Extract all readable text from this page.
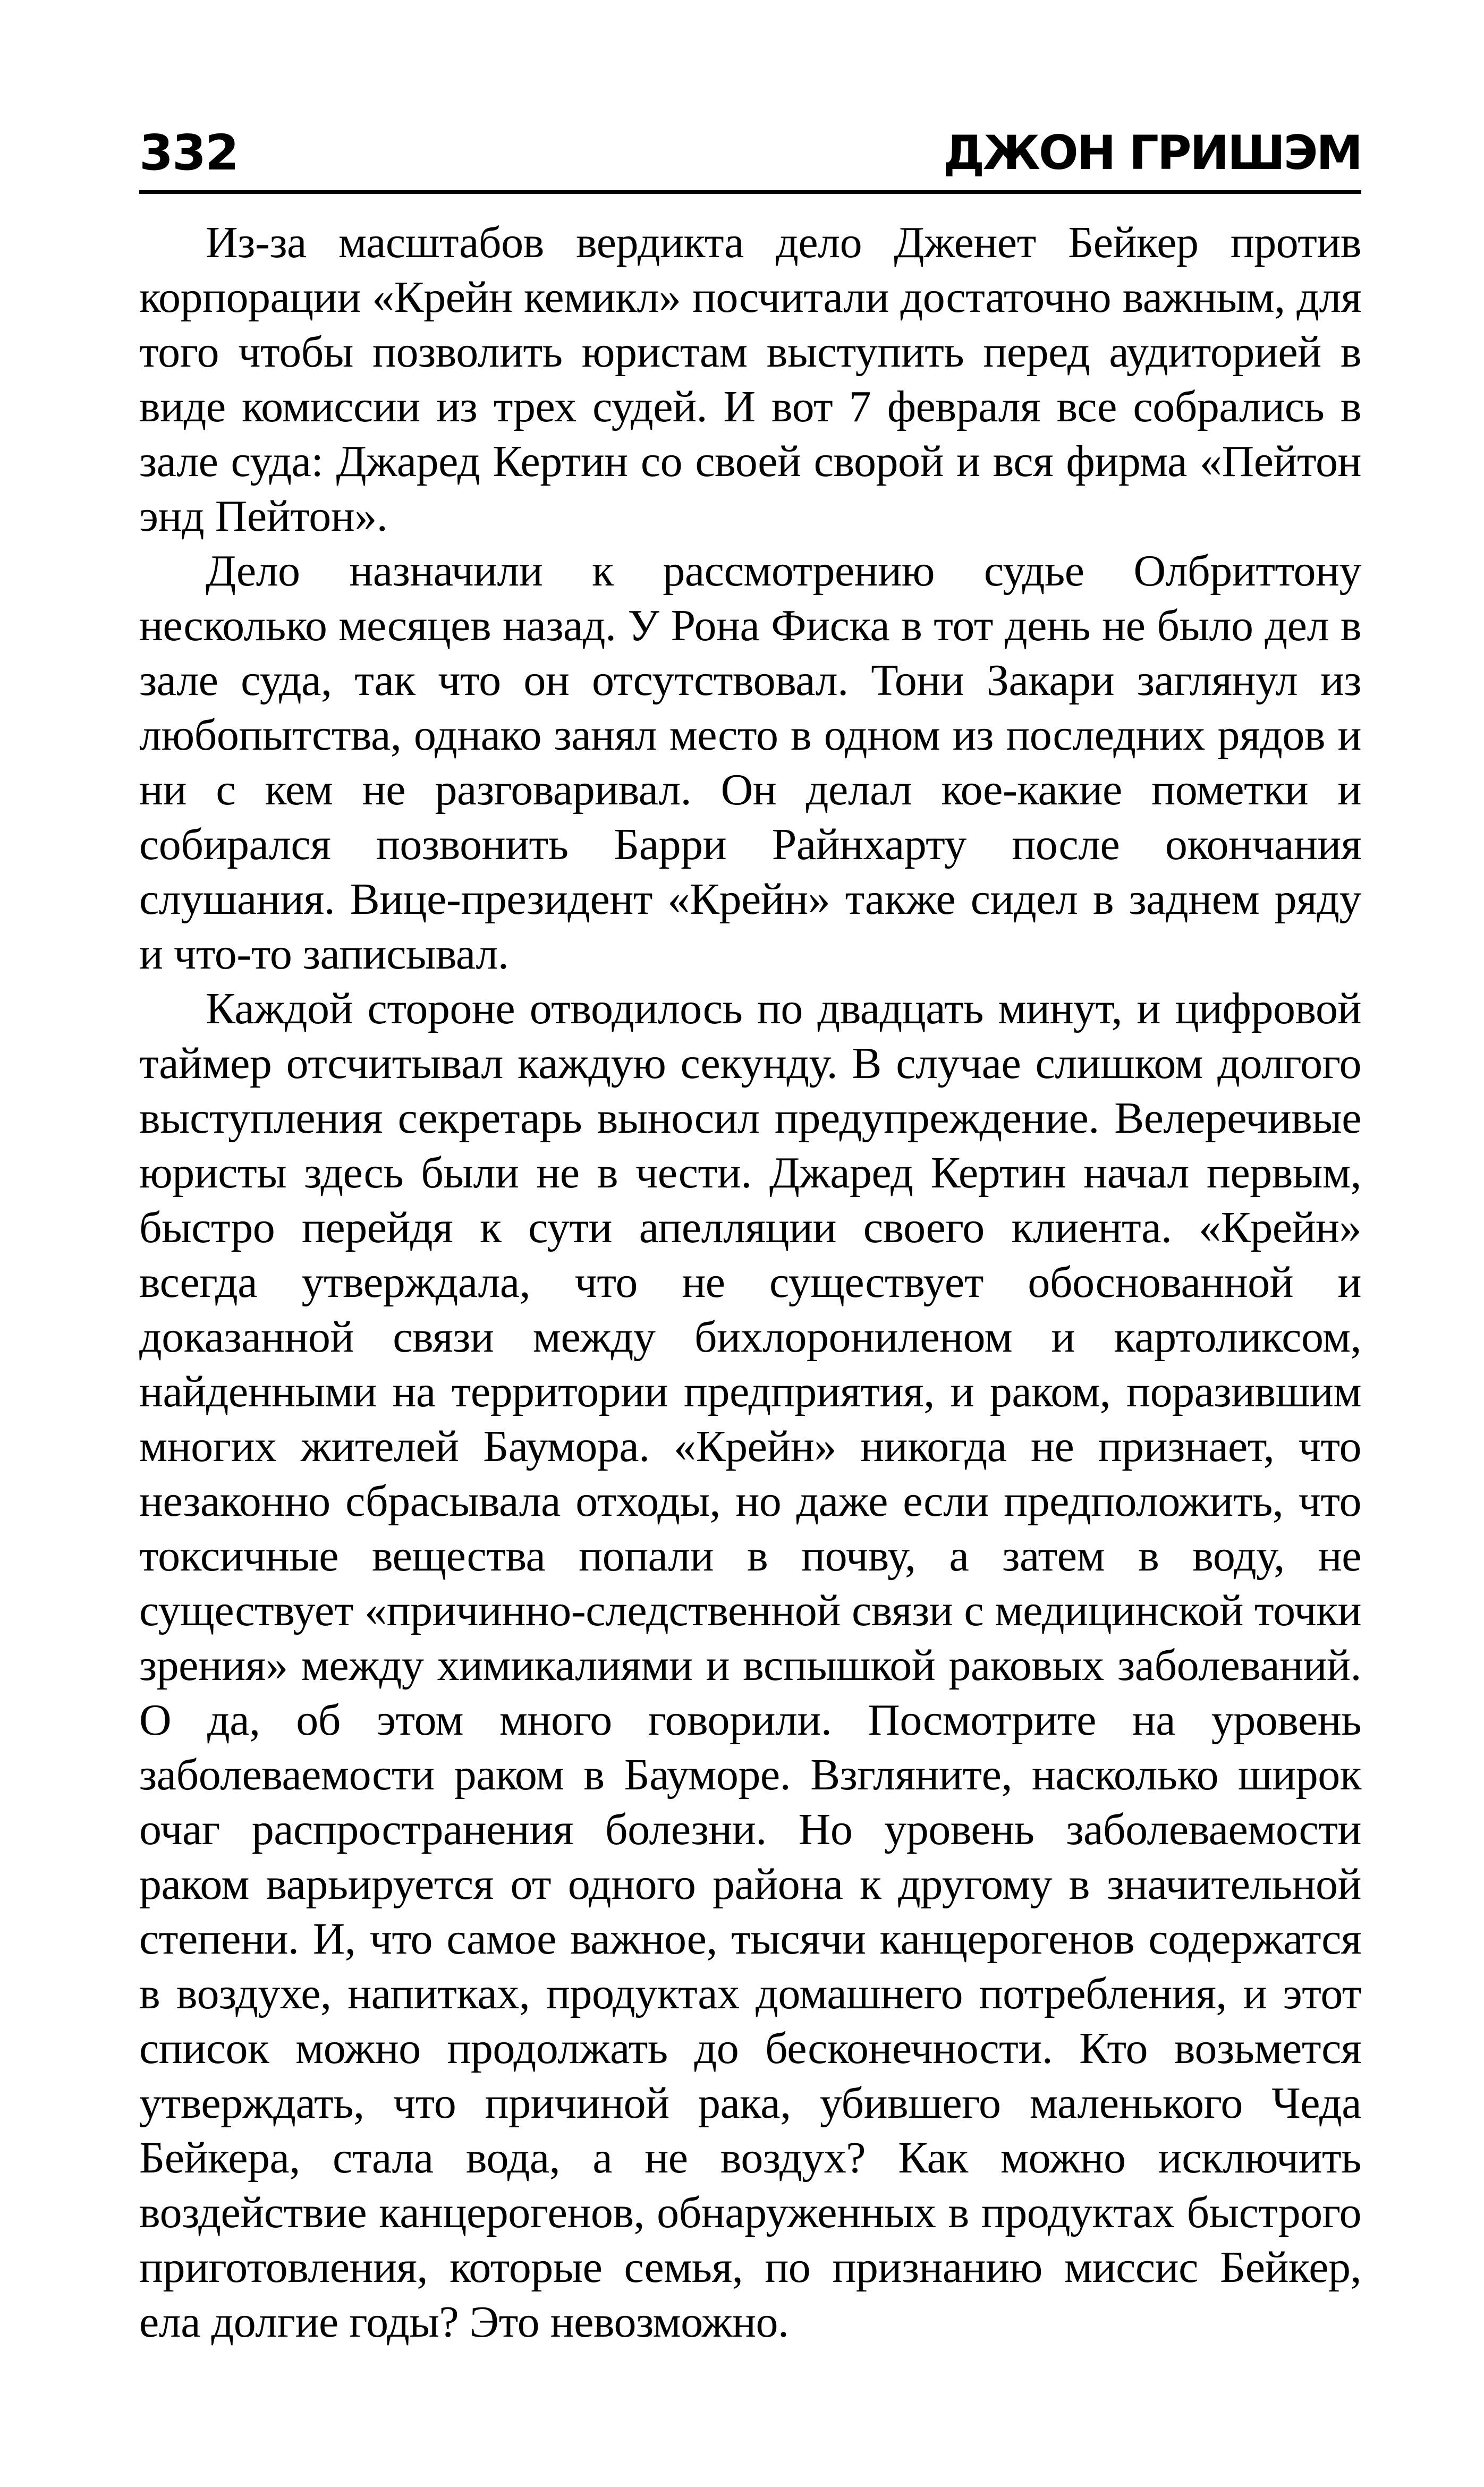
332	ДЖОН ГРИШЭМ

Из-за масштабов вердикта дело Дженет Бейкер против корпорации «Крейн кемикл» посчитали достаточно важным, для того чтобы позволить юристам выступить перед аудиторией в виде комиссии из трех судей. И вот 7 февраля все собрались в зале суда: Джаред Кертин со своей сворой и вся фирма «Пейтон энд Пейтон».

Дело назначили к рассмотрению судье Олбриттону несколько месяцев назад. У Рона Фиска в тот день не было дел в зале суда, так что он отсутствовал. Тони Закари заглянул из любопытства, однако занял место в одном из последних рядов и ни с кем не разговаривал. Он делал кое-какие пометки и собирался позвонить Барри Райнхарту после окончания слушания. Вице-президент «Крейн» также сидел в заднем ряду и что-то записывал.

Каждой стороне отводилось по двадцать минут, и цифровой таймер отсчитывал каждую секунду. В случае слишком долгого выступления секретарь выносил предупреждение. Велеречивые юристы здесь были не в чести. Джаред Кертин начал первым, быстро перейдя к сути апелляции своего клиента. «Крейн» всегда утверждала, что не существует обоснованной и доказанной связи между бихлорониленом и картоликсом, найденными на территории предприятия, и раком, поразившим многих жителей Баумора. «Крейн» никогда не признает, что незаконно сбрасывала отходы, но даже если предположить, что токсичные вещества попали в почву, а затем в воду, не существует «причинно-следственной связи с медицинской точки зрения» между химикалиями и вспышкой раковых заболеваний. О да, об этом много говорили. Посмотрите на уровень заболеваемости раком в Бауморе. Взгляните, насколько широк очаг распространения болезни. Но уровень заболеваемости раком варьируется от одного района к другому в значительной степени. И, что самое важное, тысячи канцерогенов содержатся в воздухе, напитках, продуктах домашнего потребления, и этот список можно продолжать до бесконечности. Кто возьмется утверждать, что причиной рака, убившего маленького Чеда Бейкера, стала вода, а не воздух? Как можно исключить воздействие канцерогенов, обнаруженных в продуктах быстрого приготовления, которые семья, по признанию миссис Бейкер, ела долгие годы? Это невозможно.
